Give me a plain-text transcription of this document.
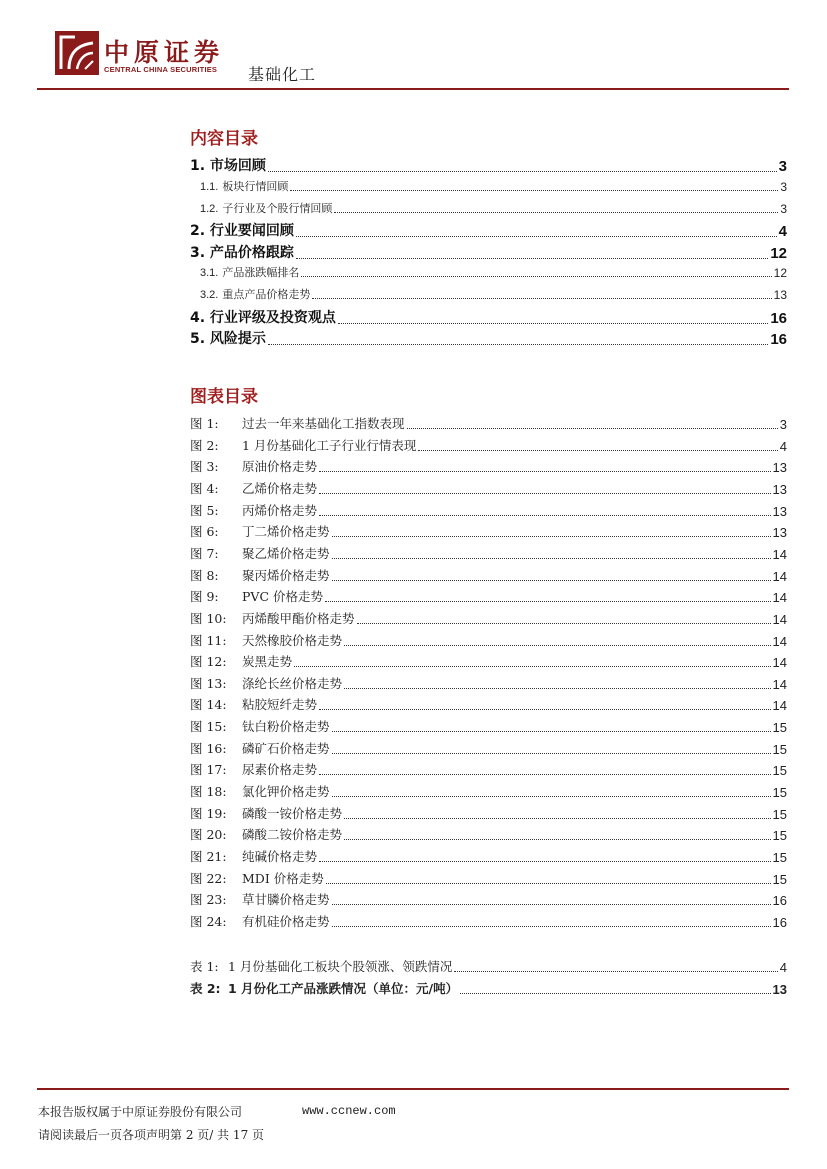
中原证券
CENTRAL CHINA SECURITIES 基础化工
内容目录
1. 市场回顾	3
1.1. 板块行情回顾	3
1.2. 子行业及个股行情回顾	3
2. 行业要闻回顾	4
3. 产品价格跟踪	12
3.1. 产品涨跌幅排名	12
3.2. 重点产品价格走势	13
4. 行业评级及投资观点	16
5. 风险提示	16
图表目录
图 1: 过去一年来基础化工指数表现	3
图 2: 1 月份基础化工子行业行情表现	4
图 3: 原油价格走势	13
图 4: 乙烯价格走势	13
图 5: 丙烯价格走势	13
图 6: 丁二烯价格走势	13
图 7: 聚乙烯价格走势	14
图 8: 聚丙烯价格走势	14
图 9: PVC 价格走势	14
图 10: 丙烯酸甲酯价格走势	14
图 11: 天然橡胶价格走势	14
图 12: 炭黑走势	14
图 13: 涤纶长丝价格走势	14
图 14: 粘胶短纤走势	14
图 15: 钛白粉价格走势	15
图 16: 磷矿石价格走势	15
图 17: 尿素价格走势	15
图 18: 氯化钾价格走势	15
图 19: 磷酸一铵价格走势	15
图 20: 磷酸二铵价格走势	15
图 21: 纯碱价格走势	15
图 22: MDI 价格走势	15
图 23: 草甘膦价格走势	16
图 24: 有机硅价格走势	16
表 1: 1 月份基础化工板块个股领涨、领跌情况	4
表 2: 1 月份化工产品涨跌情况（单位：元/吨）	13
本报告版权属于中原证券股份有限公司	www.ccnew.com
请阅读最后一页各项声明第 2 页/ 共 17 页
